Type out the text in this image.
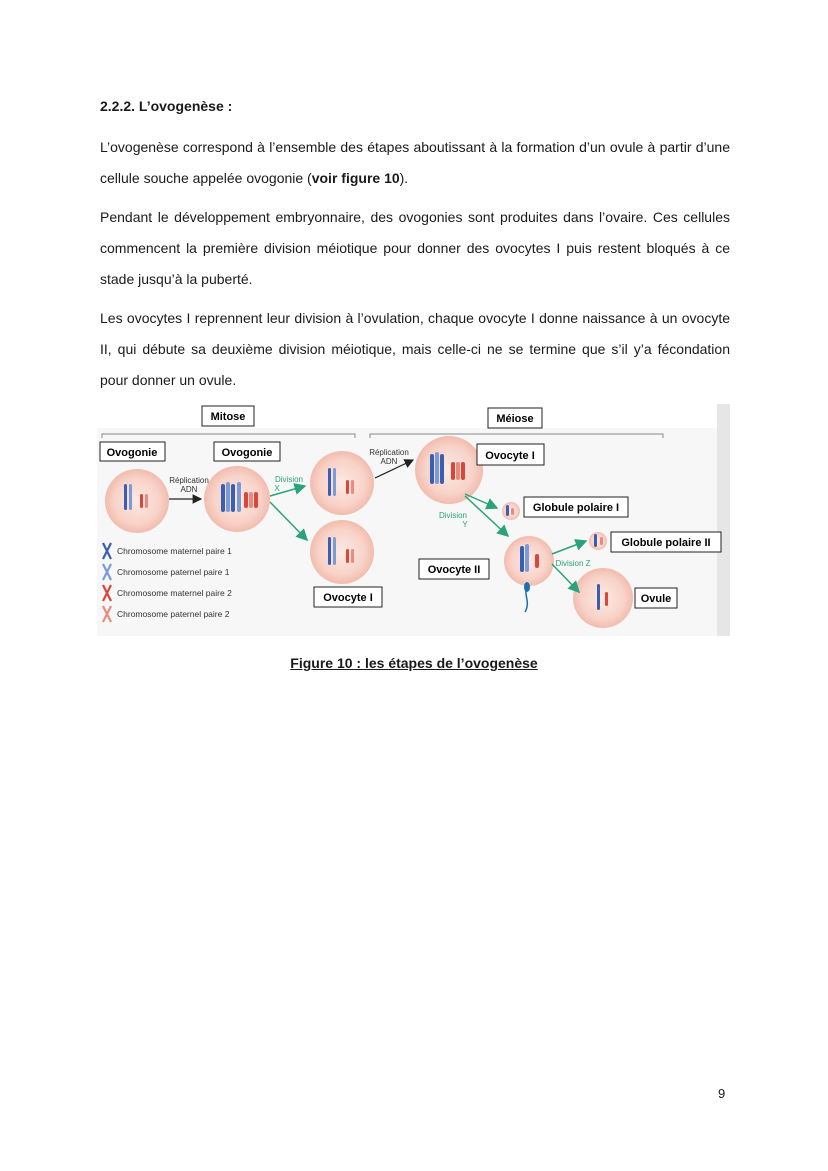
2.2.2. L’ovogenèse :

L’ovogenèse correspond à l’ensemble des étapes aboutissant à la formation d’un ovule à partir d’une cellule souche appelée ovogonie (voir figure 10).

Pendant le développement embryonnaire, des ovogonies sont produites dans l’ovaire. Ces cellules commencent la première division méiotique pour donner des ovocytes I puis restent bloqués à ce stade jusqu’à la puberté.

Les ovocytes I reprennent leur division à l’ovulation, chaque ovocyte I donne naissance à un ovocyte II, qui débute sa deuxième division méiotique, mais celle-ci ne se termine que s’il y’a fécondation pour donner un ovule.

Mitose	Méiose
Réplication
ADN
Réplication
ADN
Division
X
Division
Y
Division Z
Ovogonie	Ovogonie	Ovocyte I
Globule polaire I
Globule polaire II
Ovocyte II
Ovocyte I	Ovule
Chromosome maternel paire 1
Chromosome paternel paire 1
Chromosome maternel paire 2
Chromosome paternel paire 2
Figure 10 : les étapes de l’ovogenèse
9
